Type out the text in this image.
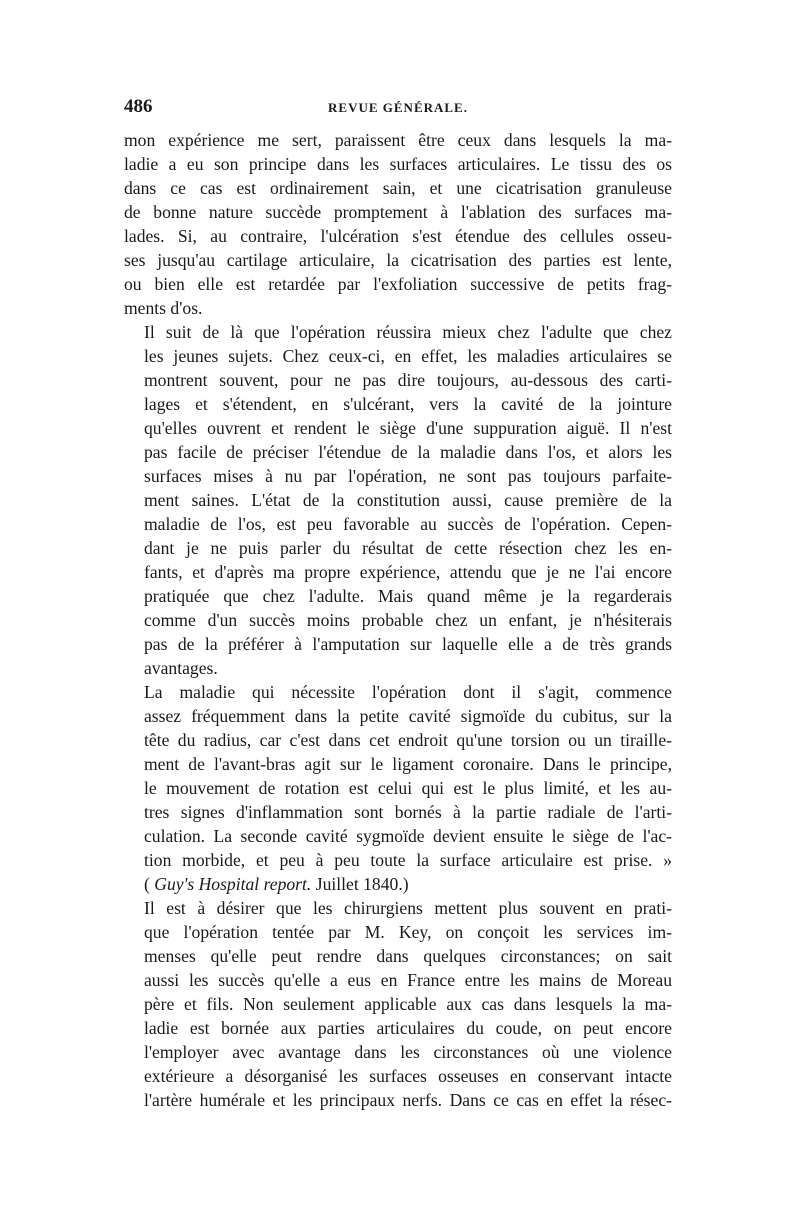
486	REVUE GÉNÉRALE.

mon expérience me sert, paraissent être ceux dans lesquels la ma-
ladie a eu son principe dans les surfaces articulaires. Le tissu des os
dans ce cas est ordinairement sain, et une cicatrisation granuleuse
de bonne nature succède promptement à l'ablation des surfaces ma-
lades. Si, au contraire, l'ulcération s'est étendue des cellules osseu-
ses jusqu'au cartilage articulaire, la cicatrisation des parties est lente,
ou bien elle est retardée par l'exfoliation successive de petits frag-
ments d'os.

Il suit de là que l'opération réussira mieux chez l'adulte que chez
les jeunes sujets. Chez ceux-ci, en effet, les maladies articulaires se
montrent souvent, pour ne pas dire toujours, au-dessous des carti-
lages et s'étendent, en s'ulcérant, vers la cavité de la jointure
qu'elles ouvrent et rendent le siège d'une suppuration aiguë. Il n'est
pas facile de préciser l'étendue de la maladie dans l'os, et alors les
surfaces mises à nu par l'opération, ne sont pas toujours parfaite-
ment saines. L'état de la constitution aussi, cause première de la
maladie de l'os, est peu favorable au succès de l'opération. Cepen-
dant je ne puis parler du résultat de cette résection chez les en-
fants, et d'après ma propre expérience, attendu que je ne l'ai encore
pratiquée que chez l'adulte. Mais quand même je la regarderais
comme d'un succès moins probable chez un enfant, je n'hésiterais
pas de la préférer à l'amputation sur laquelle elle a de très grands
avantages.

La maladie qui nécessite l'opération dont il s'agit, commence
assez fréquemment dans la petite cavité sigmoïde du cubitus, sur la
tête du radius, car c'est dans cet endroit qu'une torsion ou un tiraille-
ment de l'avant-bras agit sur le ligament coronaire. Dans le principe,
le mouvement de rotation est celui qui est le plus limité, et les au-
tres signes d'inflammation sont bornés à la partie radiale de l'arti-
culation. La seconde cavité sygmoïde devient ensuite le siège de l'ac-
tion morbide, et peu à peu toute la surface articulaire est prise. »
( Guy's Hospital report. Juillet 1840.)

Il est à désirer que les chirurgiens mettent plus souvent en prati-
que l'opération tentée par M. Key, on conçoit les services im-
menses qu'elle peut rendre dans quelques circonstances; on sait
aussi les succès qu'elle a eus en France entre les mains de Moreau
père et fils. Non seulement applicable aux cas dans lesquels la ma-
ladie est bornée aux parties articulaires du coude, on peut encore
l'employer avec avantage dans les circonstances où une violence
extérieure a désorganisé les surfaces osseuses en conservant intacte
l'artère humérale et les principaux nerfs. Dans ce cas en effet la résec-
